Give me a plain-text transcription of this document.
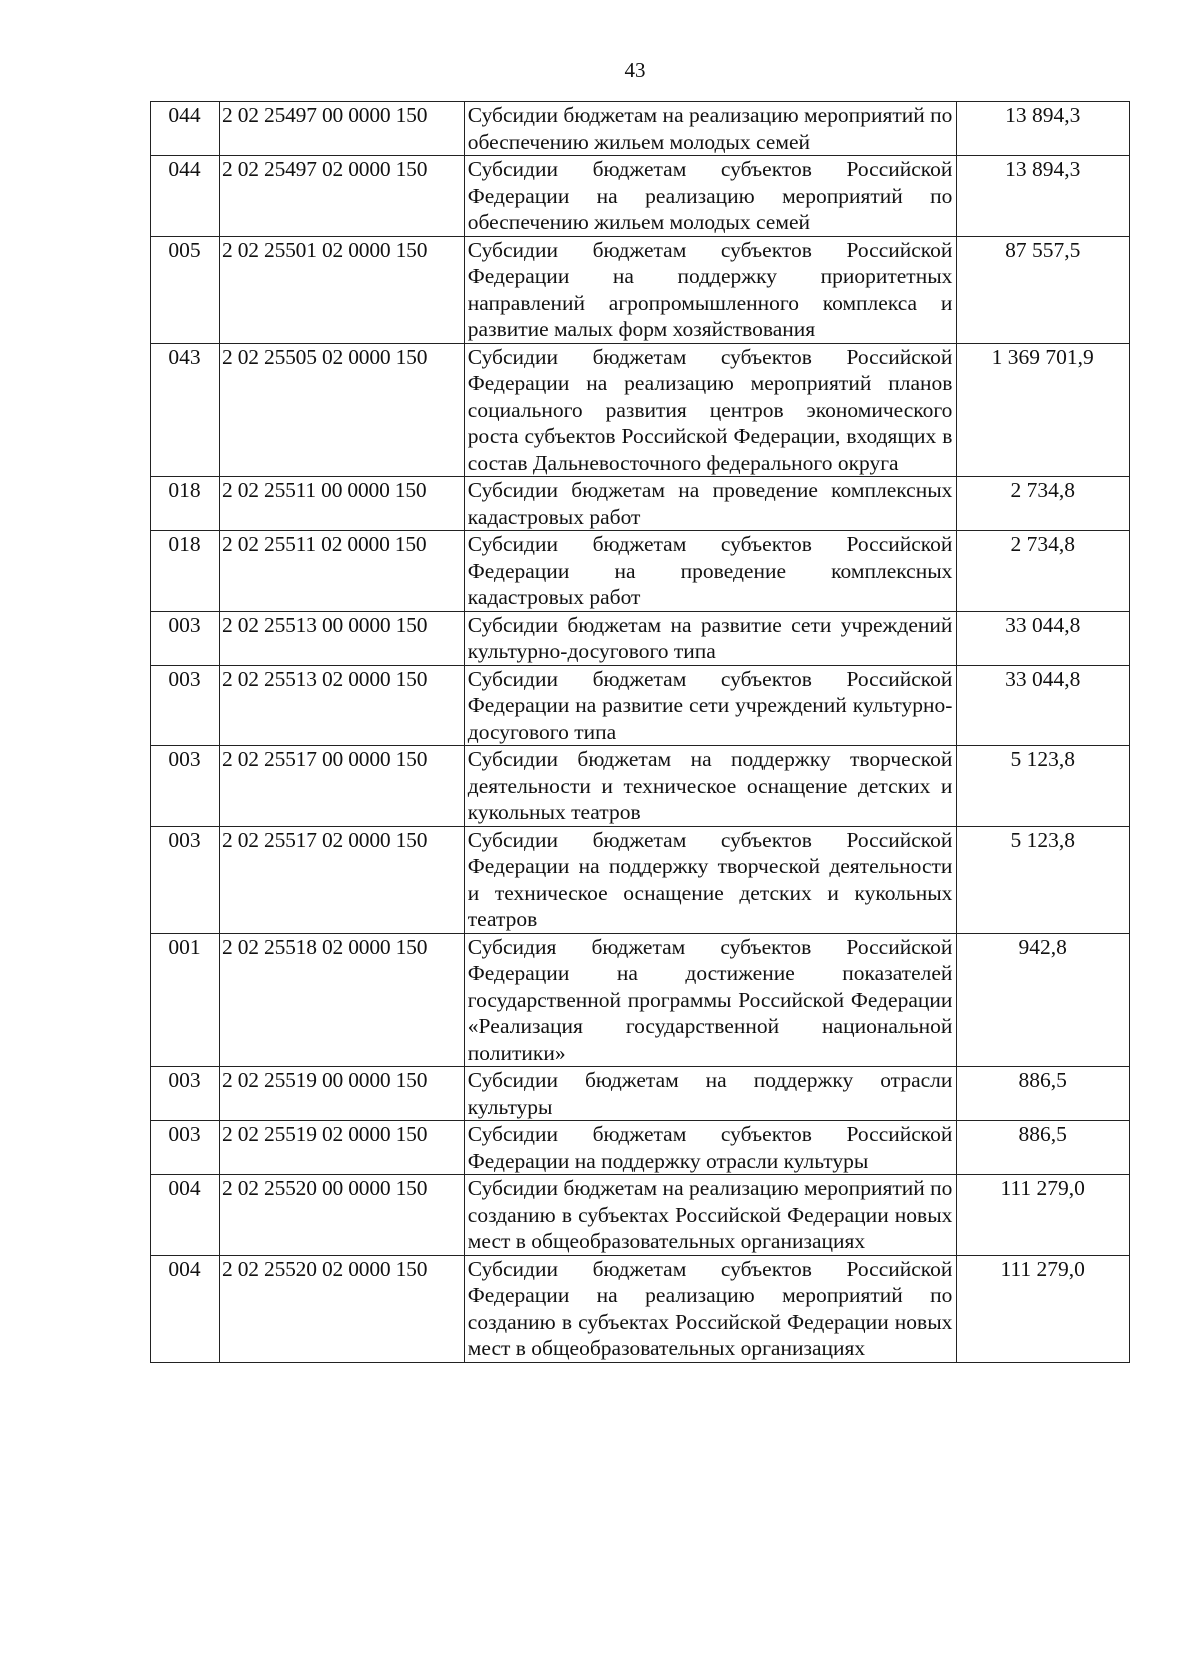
43
044	2 02 25497 00 0000 150	Субсидии бюджетам на реализацию мероприятий по обеспечению жильем молодых семей	13 894,3
044	2 02 25497 02 0000 150	Субсидии бюджетам субъектов Российской Федерации на реализацию мероприятий по обеспечению жильем молодых семей	13 894,3
005	2 02 25501 02 0000 150	Субсидии бюджетам субъектов Российской Федерации на поддержку приоритетных направлений агропромышленного комплекса и развитие малых форм хозяйствования	87 557,5
043	2 02 25505 02 0000 150	Субсидии бюджетам субъектов Российской Федерации на реализацию мероприятий планов социального развития центров экономического роста субъектов Российской Федерации, входящих в состав Дальневосточного федерального округа	1 369 701,9
018	2 02 25511 00 0000 150	Субсидии бюджетам на проведение комплексных кадастровых работ	2 734,8
018	2 02 25511 02 0000 150	Субсидии бюджетам субъектов Российской Федерации на проведение комплексных кадастровых работ	2 734,8
003	2 02 25513 00 0000 150	Субсидии бюджетам на развитие сети учреждений культурно-досугового типа	33 044,8
003	2 02 25513 02 0000 150	Субсидии бюджетам субъектов Российской Федерации на развитие сети учреждений культурно-досугового типа	33 044,8
003	2 02 25517 00 0000 150	Субсидии бюджетам на поддержку творческой деятельности и техническое оснащение детских и кукольных театров	5 123,8
003	2 02 25517 02 0000 150	Субсидии бюджетам субъектов Российской Федерации на поддержку творческой деятельности и техническое оснащение детских и кукольных театров	5 123,8
001	2 02 25518 02 0000 150	Субсидия бюджетам субъектов Российской Федерации на достижение показателей государственной программы Российской Федерации «Реализация государственной национальной политики»	942,8
003	2 02 25519 00 0000 150	Субсидии бюджетам на поддержку отрасли культуры	886,5
003	2 02 25519 02 0000 150	Субсидии бюджетам субъектов Российской Федерации на поддержку отрасли культуры	886,5
004	2 02 25520 00 0000 150	Субсидии бюджетам на реализацию мероприятий по созданию в субъектах Российской Федерации новых мест в общеобразовательных организациях	111 279,0
004	2 02 25520 02 0000 150	Субсидии бюджетам субъектов Российской Федерации на реализацию мероприятий по созданию в субъектах Российской Федерации новых мест в общеобразовательных организациях	111 279,0
